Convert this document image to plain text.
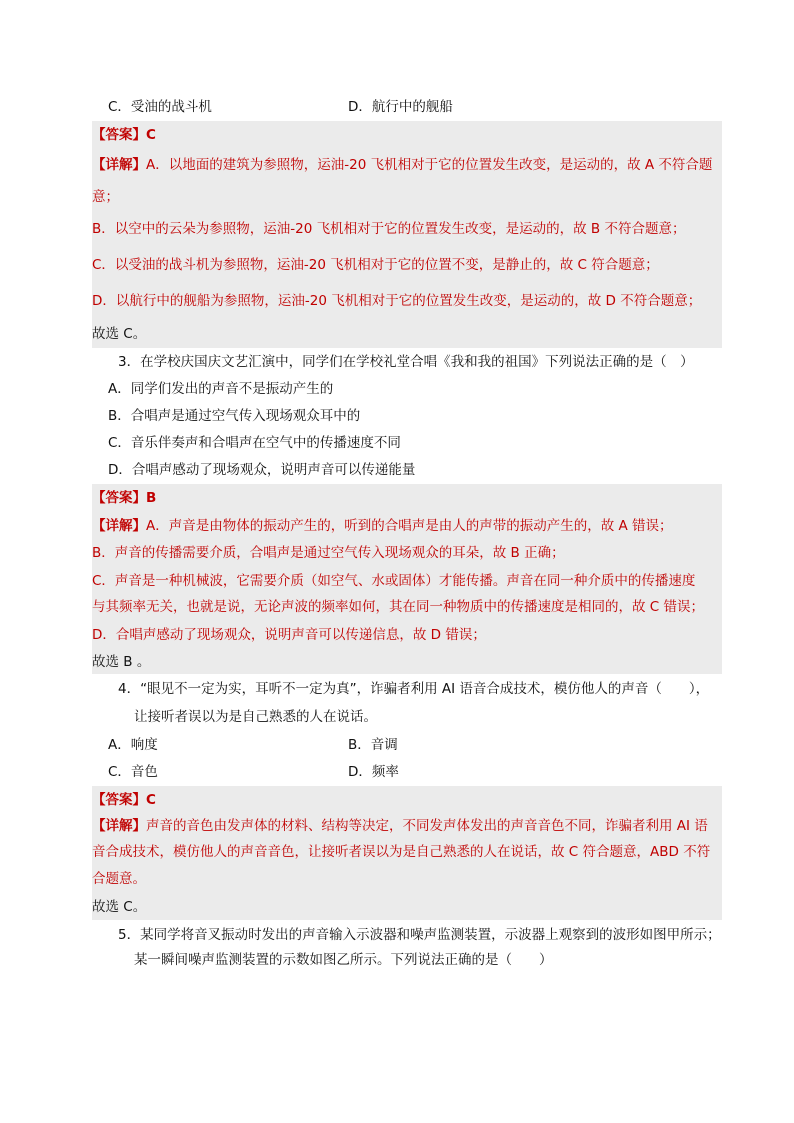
C．受油的战斗机	D．航行中的舰船
【答案】C
【详解】A．以地面的建筑为参照物，运油-20 飞机相对于它的位置发生改变，是运动的，故 A 不符合题
意；
B．以空中的云朵为参照物，运油-20 飞机相对于它的位置发生改变，是运动的，故 B 不符合题意；
C．以受油的战斗机为参照物，运油-20 飞机相对于它的位置不变，是静止的，故 C 符合题意；
D．以航行中的舰船为参照物，运油-20 飞机相对于它的位置发生改变，是运动的，故 D 不符合题意；
故选 C。
3．在学校庆国庆文艺汇演中，同学们在学校礼堂合唱《我和我的祖国》下列说法正确的是（　）
A．同学们发出的声音不是振动产生的
B．合唱声是通过空气传入现场观众耳中的
C．音乐伴奏声和合唱声在空气中的传播速度不同
D．合唱声感动了现场观众，说明声音可以传递能量
【答案】B
【详解】A．声音是由物体的振动产生的，听到的合唱声是由人的声带的振动产生的，故 A 错误；
B．声音的传播需要介质，合唱声是通过空气传入现场观众的耳朵，故 B 正确；
C．声音是一种机械波，它需要介质（如空气、水或固体）才能传播。声音在同一种介质中的传播速度
与其频率无关，也就是说，无论声波的频率如何，其在同一种物质中的传播速度是相同的，故 C 错误；
D．合唱声感动了现场观众，说明声音可以传递信息，故 D 错误；
故选 B 。
4．“眼见不一定为实，耳听不一定为真”，诈骗者利用 AI 语音合成技术，模仿他人的声音（　　），
让接听者误以为是自己熟悉的人在说话。
A．响度	B．音调
C．音色	D．频率
【答案】C
【详解】声音的音色由发声体的材料、结构等决定，不同发声体发出的声音音色不同，诈骗者利用 AI 语
音合成技术，模仿他人的声音音色，让接听者误以为是自己熟悉的人在说话，故 C 符合题意，ABD 不符
合题意。
故选 C。
5．某同学将音叉振动时发出的声音输入示波器和噪声监测装置，示波器上观察到的波形如图甲所示；
某一瞬间噪声监测装置的示数如图乙所示。下列说法正确的是（　　）
